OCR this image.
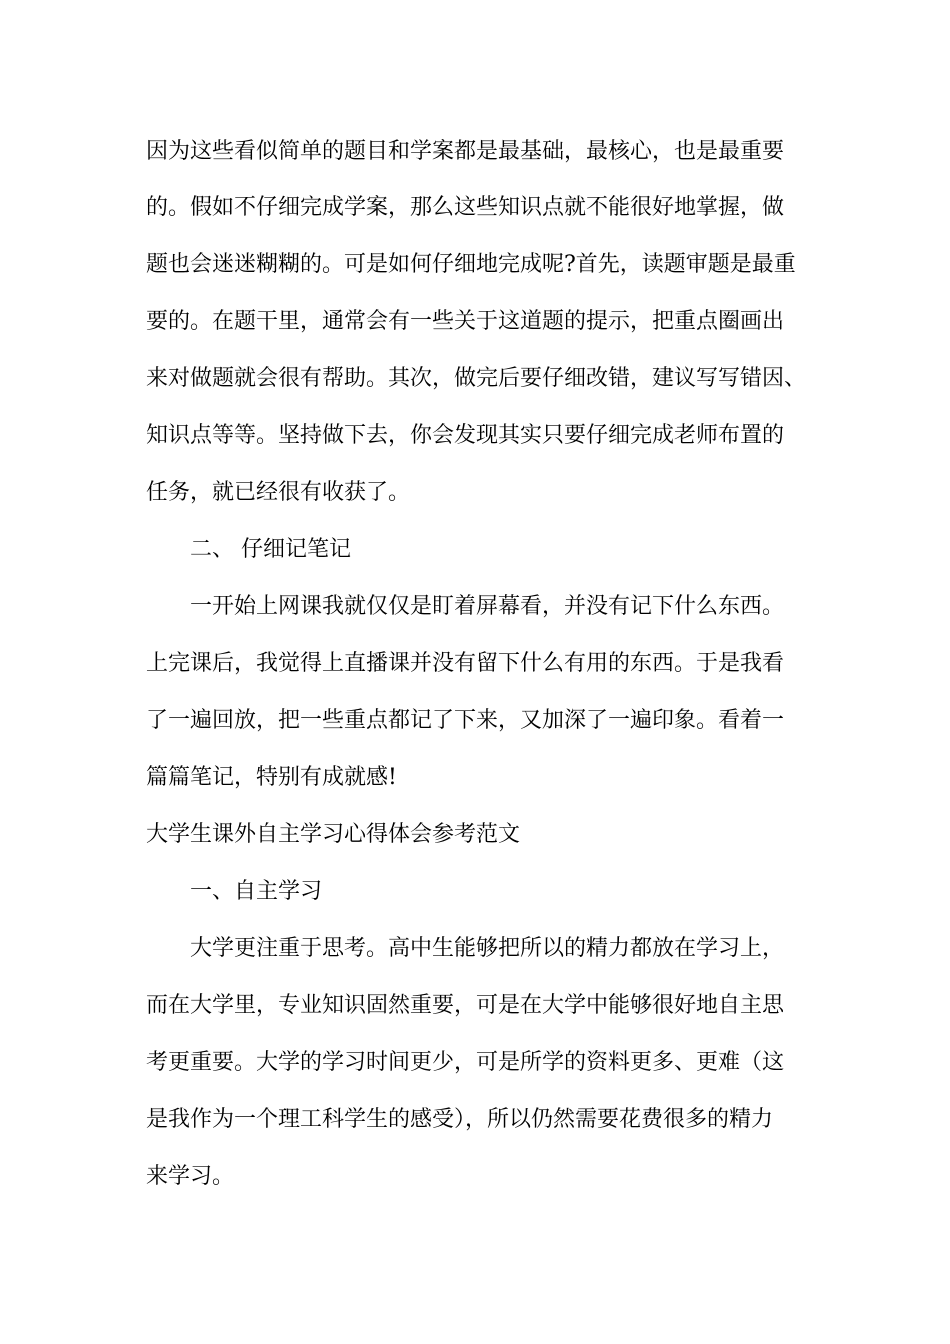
因为这些看似简单的题目和学案都是最基础，最核心，也是最重要
的。假如不仔细完成学案，那么这些知识点就不能很好地掌握，做
题也会迷迷糊糊的。可是如何仔细地完成呢?首先，读题审题是最重
要的。在题干里，通常会有一些关于这道题的提示，把重点圈画出
来对做题就会很有帮助。其次，做完后要仔细改错，建议写写错因、
知识点等等。坚持做下去，你会发现其实只要仔细完成老师布置的
任务，就已经很有收获了。
二、 仔细记笔记
一开始上网课我就仅仅是盯着屏幕看，并没有记下什么东西。
上完课后，我觉得上直播课并没有留下什么有用的东西。于是我看
了一遍回放，把一些重点都记了下来，又加深了一遍印象。看着一
篇篇笔记，特别有成就感!
大学生课外自主学习心得体会参考范文
一、自主学习
大学更注重于思考。高中生能够把所以的精力都放在学习上，
而在大学里，专业知识固然重要，可是在大学中能够很好地自主思
考更重要。大学的学习时间更少，可是所学的资料更多、更难（这
是我作为一个理工科学生的感受），所以仍然需要花费很多的精力
来学习。
